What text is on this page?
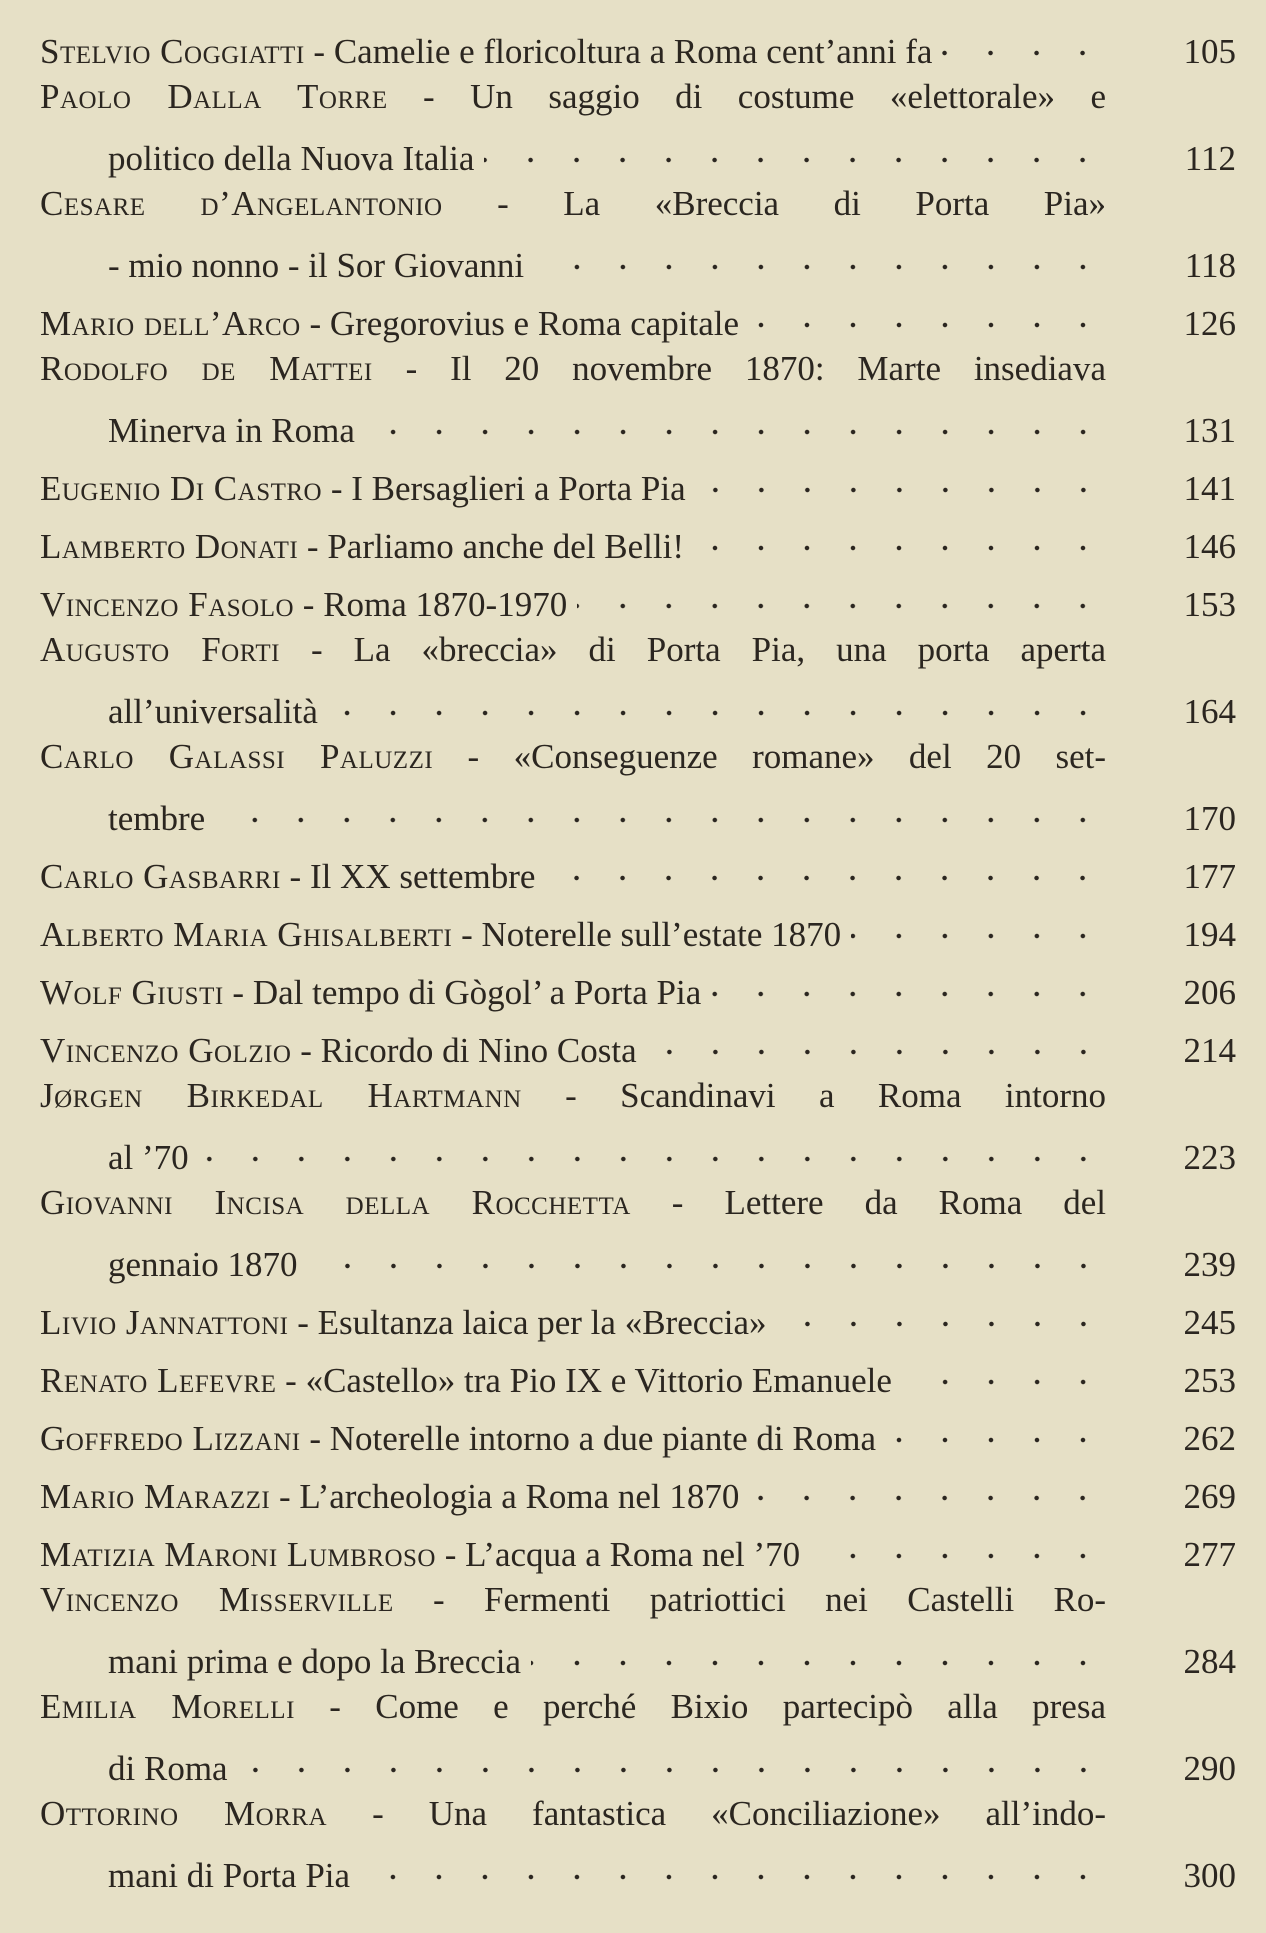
Stelvio Coggiatti - Camelie e floricoltura a Roma cent’anni fa	105
Paolo Dalla Torre - Un saggio di costume «elettorale» e
politico della Nuova Italia	112
Cesare d’Angelantonio - La «Breccia di Porta Pia»
- mio nonno - il Sor Giovanni	118
Mario dell’Arco - Gregorovius e Roma capitale	126
Rodolfo de Mattei - Il 20 novembre 1870: Marte insediava
Minerva in Roma	131
Eugenio Di Castro - I Bersaglieri a Porta Pia	141
Lamberto Donati - Parliamo anche del Belli!	146
Vincenzo Fasolo - Roma 1870-1970	153
Augusto Forti - La «breccia» di Porta Pia, una porta aperta
all’universalità	164
Carlo Galassi Paluzzi - «Conseguenze romane» del 20 set-
tembre	170
Carlo Gasbarri - Il XX settembre	177
Alberto Maria Ghisalberti - Noterelle sull’estate 1870	194
Wolf Giusti - Dal tempo di Gògol’ a Porta Pia	206
Vincenzo Golzio - Ricordo di Nino Costa	214
Jørgen Birkedal Hartmann - Scandinavi a Roma intorno
al ’70	223
Giovanni Incisa della Rocchetta - Lettere da Roma del
gennaio 1870	239
Livio Jannattoni - Esultanza laica per la «Breccia»	245
Renato Lefevre - «Castello» tra Pio IX e Vittorio Emanuele	253
Goffredo Lizzani - Noterelle intorno a due piante di Roma	262
Mario Marazzi - L’archeologia a Roma nel 1870	269
Matizia Maroni Lumbroso - L’acqua a Roma nel ’70	277
Vincenzo Misserville - Fermenti patriottici nei Castelli Ro-
mani prima e dopo la Breccia	284
Emilia Morelli - Come e perché Bixio partecipò alla presa
di Roma	290
Ottorino Morra - Una fantastica «Conciliazione» all’indo-
mani di Porta Pia	300
